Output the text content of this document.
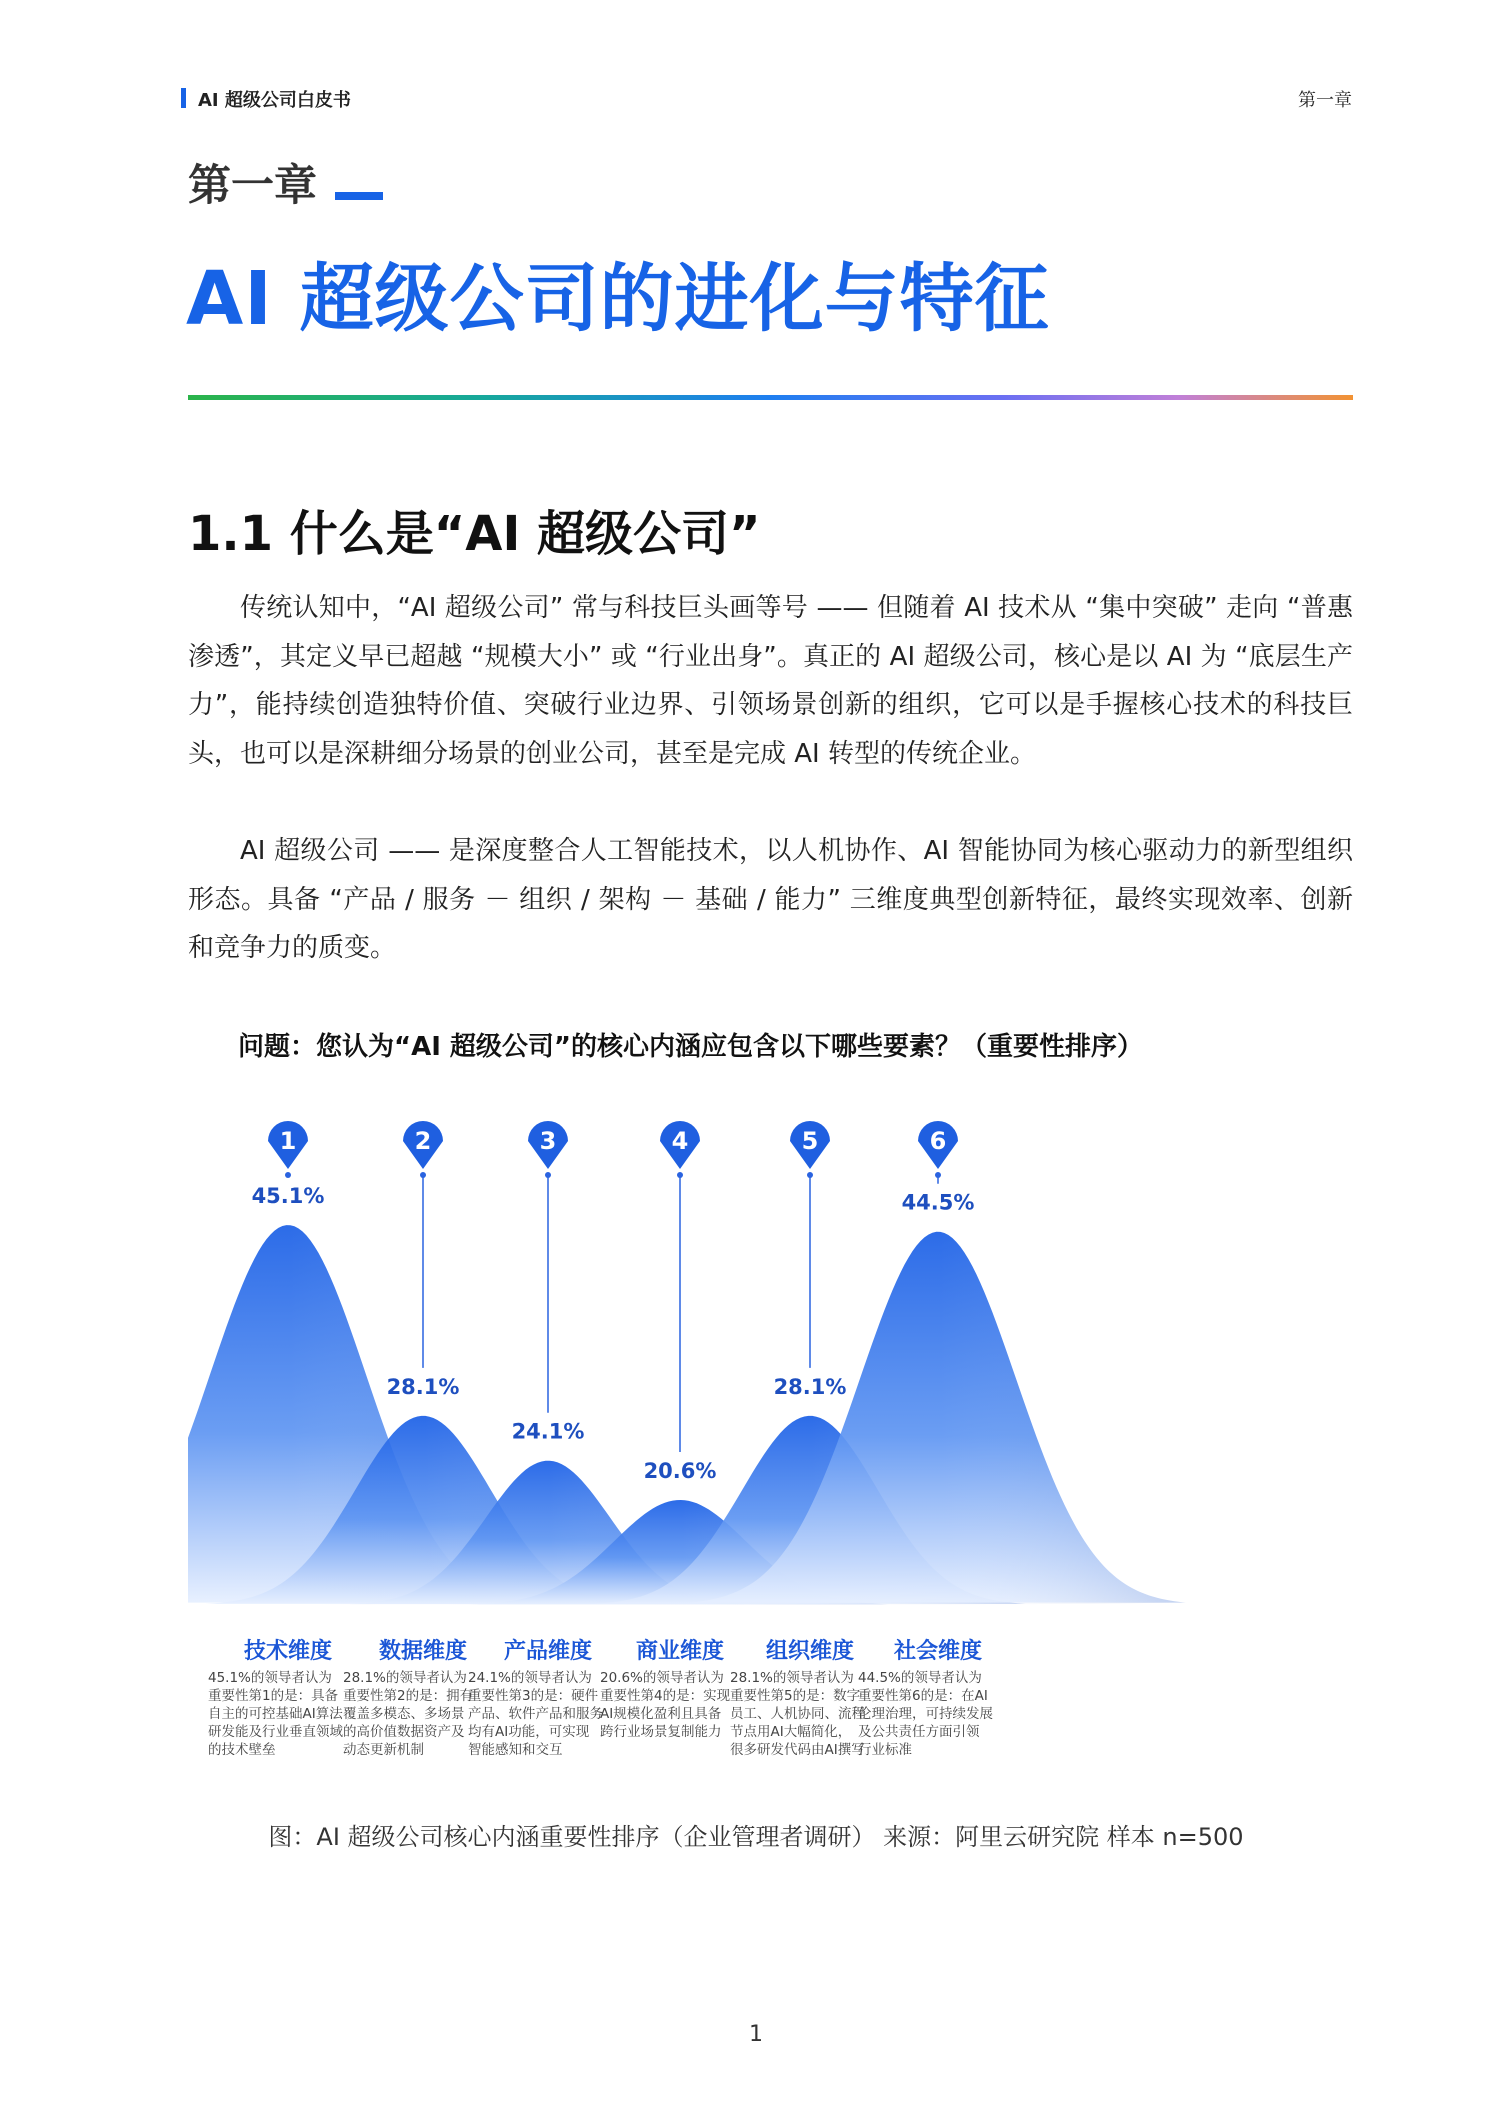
AI 超级公司白皮书	第一章
第一章
AI 超级公司的进化与特征
1.1 什么是“AI 超级公司”

传统认知中，“AI 超级公司” 常与科技巨头画等号 —— 但随着 AI 技术从 “集中突破” 走向 “普惠渗透”，其定义早已超越 “规模大小” 或 “行业出身”。真正的 AI 超级公司，核心是以 AI 为 “底层生产力”，能持续创造独特价值、突破行业边界、引领场景创新的组织，它可以是手握核心技术的科技巨头，也可以是深耕细分场景的创业公司，甚至是完成 AI 转型的传统企业。

AI 超级公司 —— 是深度整合人工智能技术，以人机协作、AI 智能协同为核心驱动力的新型组织形态。具备 “产品 / 服务 － 组织 / 架构 － 基础 / 能力” 三维度典型创新特征，最终实现效率、创新和竞争力的质变。

问题：您认为“AI 超级公司”的核心内涵应包含以下哪些要素？（重要性排序）
1	2	3	4	5	6
45.1%
技术维度
45.1%的领导者认为
重要性第1的是：具备
自主的可控基础AI算法
研发能及行业垂直领域
的技术壁垒
28.1%
数据维度
28.1%的领导者认为
重要性第2的是：拥有
覆盖多模态、多场景
的高价值数据资产及
动态更新机制
24.1%
产品维度
24.1%的领导者认为
重要性第3的是：硬件
产品、软件产品和服务
均有AI功能，可实现
智能感知和交互
20.6%
商业维度
20.6%的领导者认为
重要性第4的是：实现
AI规模化盈利且具备
跨行业场景复制能力
28.1%
组织维度
28.1%的领导者认为
重要性第5的是：数字
员工、人机协同、流程
节点用AI大幅简化，
很多研发代码由AI撰写
44.5%
社会维度
44.5%的领导者认为
重要性第6的是：在AI
伦理治理，可持续发展
及公共责任方面引领
行业标准
图：AI 超级公司核心内涵重要性排序（企业管理者调研） 来源：阿里云研究院 样本 n=500
1
